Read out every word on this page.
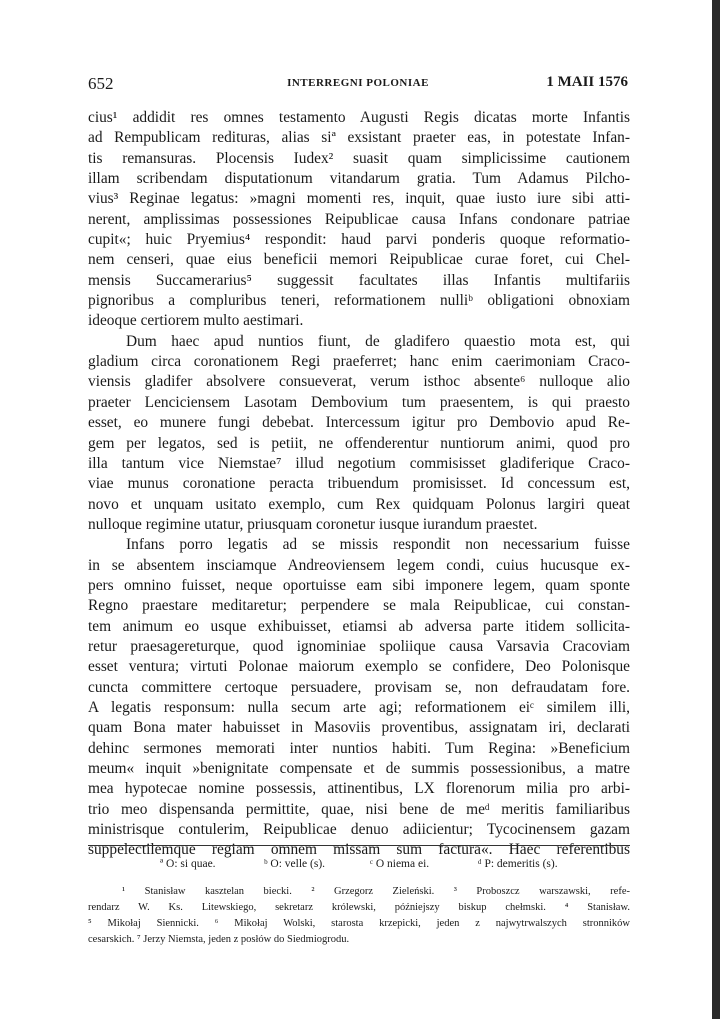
652	INTERREGNI POLONIAE	1 MAII 1576
cius¹ addidit res omnes testamento Augusti Regis dicatas morte Infantis
ad Rempublicam redituras, alias siª exsistant praeter eas, in potestate Infan-
tis remansuras. Plocensis Iudex² suasit quam simplicissime cautionem
illam scribendam disputationum vitandarum gratia. Tum Adamus Pilcho-
vius³ Reginae legatus: »magni momenti res, inquit, quae iusto iure sibi atti-
nerent, amplissimas possessiones Reipublicae causa Infans condonare patriae
cupit«; huic Pryemius⁴ respondit: haud parvi ponderis quoque reformatio-
nem censeri, quae eius beneficii memori Reipublicae curae foret, cui Chel-
mensis Succamerarius⁵ suggessit facultates illas Infantis multifariis
pignoribus a compluribus teneri, reformationem nulliᵇ obligationi obnoxiam
ideoque certiorem multo aestimari.
Dum haec apud nuntios fiunt, de gladifero quaestio mota est, qui
gladium circa coronationem Regi praeferret; hanc enim caerimoniam Craco-
viensis gladifer absolvere consueverat, verum isthoc absente⁶ nulloque alio
praeter Lenciciensem Lasotam Dembovium tum praesentem, is qui praesto
esset, eo munere fungi debebat. Intercessum igitur pro Dembovio apud Re-
gem per legatos, sed is petiit, ne offenderentur nuntiorum animi, quod pro
illa tantum vice Niemstae⁷ illud negotium commisisset gladiferique Craco-
viae munus coronatione peracta tribuendum promisisset. Id concessum est,
novo et unquam usitato exemplo, cum Rex quidquam Polonus largiri queat
nulloque regimine utatur, priusquam coronetur iusque iurandum praestet.
Infans porro legatis ad se missis respondit non necessarium fuisse
in se absentem insciamque Andreoviensem legem condi, cuius hucusque ex-
pers omnino fuisset, neque oportuisse eam sibi imponere legem, quam sponte
Regno praestare meditaretur; perpendere se mala Reipublicae, cui constan-
tem animum eo usque exhibuisset, etiamsi ab adversa parte itidem sollicita-
retur praesagereturque, quod ignominiae spoliique causa Varsavia Cracoviam
esset ventura; virtuti Polonae maiorum exemplo se confidere, Deo Polonisque
cuncta committere certoque persuadere, provisam se, non defraudatam fore.
A legatis responsum: nulla secum arte agi; reformationem eiᶜ similem illi,
quam Bona mater habuisset in Masoviis proventibus, assignatam iri, declarati
dehinc sermones memorati inter nuntios habiti. Tum Regina: »Beneficium
meum« inquit »benignitate compensate et de summis possessionibus, a matre
mea hypotecae nomine possessis, attinentibus, LX florenorum milia pro arbi-
trio meo dispensanda permittite, quae, nisi bene de meᵈ meritis familiaribus
ministrisque contulerim, Reipublicae denuo adiicientur; Tycocinensem gazam
suppelectilemque regiam omnem missam sum factura«. Haec referentibus
ª O: si quae.	ᵇ O: velle (s).	ᶜ O niema ei.	ᵈ P: demeritis (s).
¹ Stanisław kasztelan biecki. ² Grzegorz Zieleński. ³ Proboszcz warszawski, refe-
rendarz W. Ks. Litewskiego, sekretarz królewski, późniejszy biskup chełmski. ⁴ Stanisław.
⁵ Mikołaj Siennicki. ⁶ Mikołaj Wolski, starosta krzepicki, jeden z najwytrwalszych stronników
cesarskich. ⁷ Jerzy Niemsta, jeden z posłów do Siedmiogrodu.
